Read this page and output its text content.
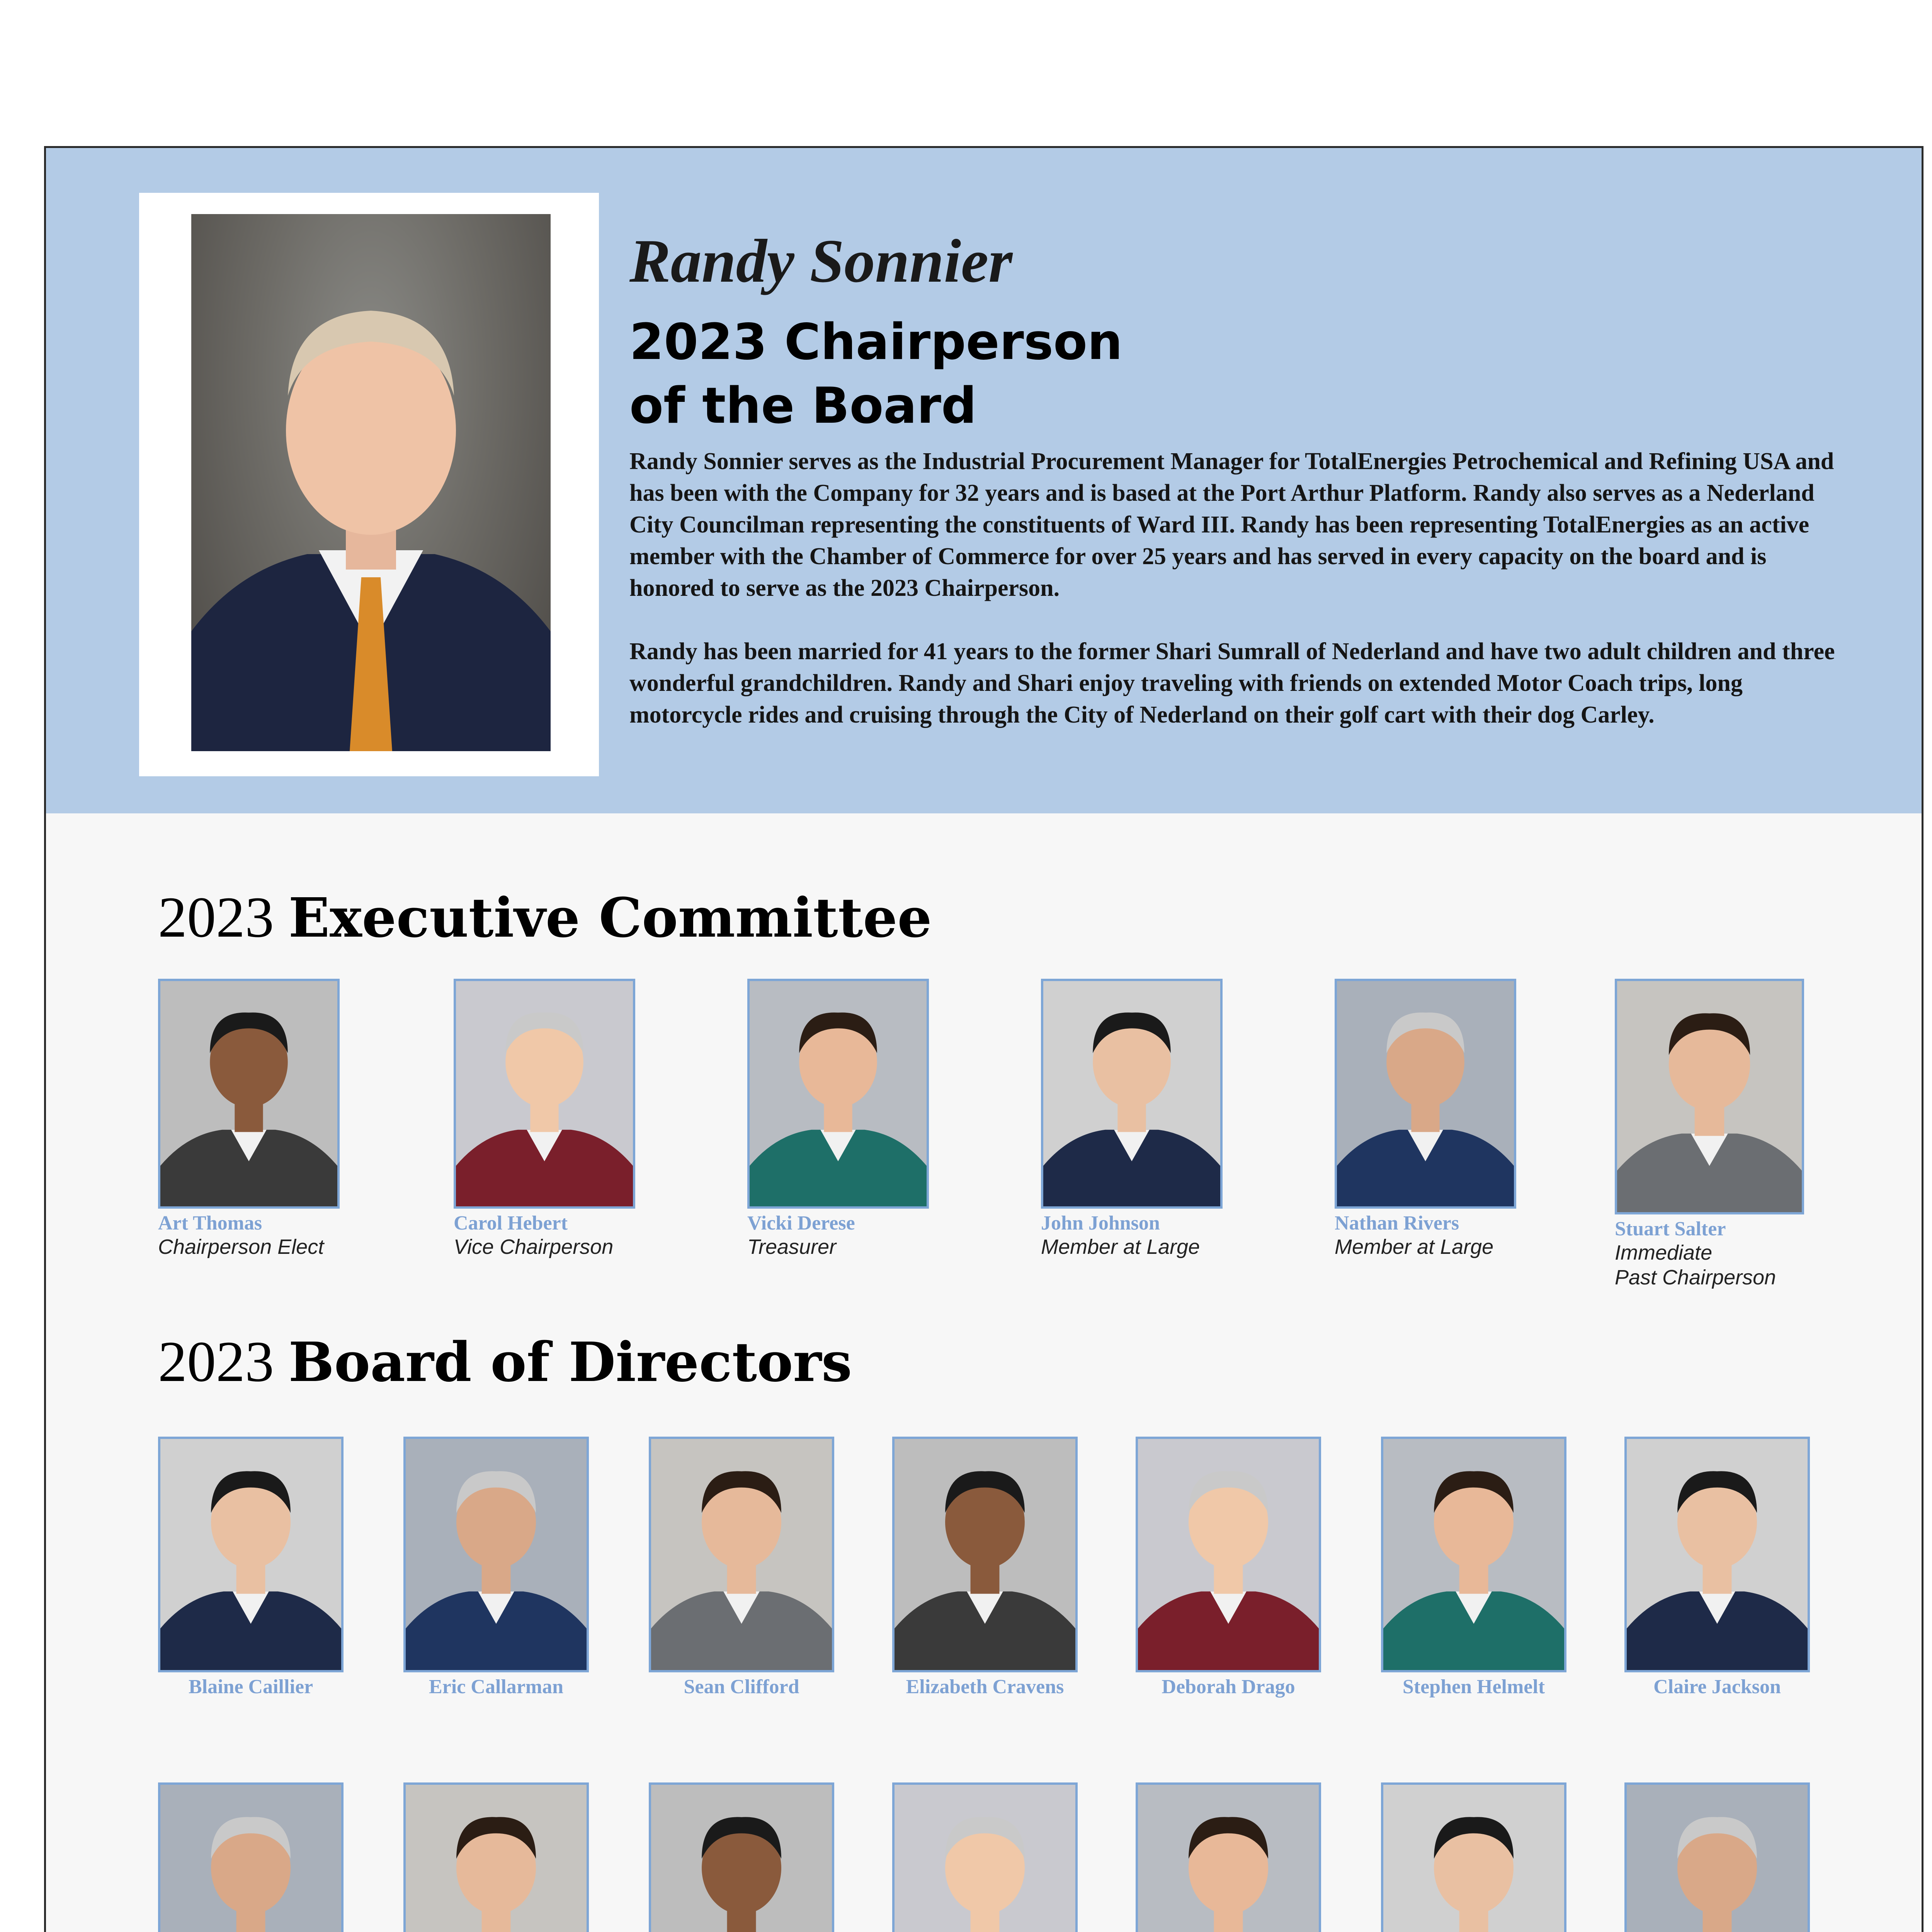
Randy Sonnier
2023 Chairperson
of the Board

Randy Sonnier serves as the Industrial Procurement Manager for TotalEnergies Petrochemical and Refining USA and has been with the Company for 32 years and is based at the Port Arthur Platform. Randy also serves as a Nederland City Councilman representing the constituents of Ward III. Randy has been representing TotalEnergies as an active member with the Chamber of Commerce for over 25 years and has served in every capacity on the board and is honored to serve as the 2023 Chairperson.

Randy has been married for 41 years to the former Shari Sumrall of Nederland and have two adult children and three wonderful grandchildren. Randy and Shari enjoy traveling with friends on extended Motor Coach trips, long motorcycle rides and cruising through the City of Nederland on their golf cart with their dog Carley.

2023 Executive Committee
Art Thomas
Chairperson Elect
Carol Hebert
Vice Chairperson
Vicki Derese
Treasurer
John Johnson
Member at Large
Nathan Rivers
Member at Large
Stuart Salter
Immediate
Past Chairperson
2023 Board of Directors
Blaine Caillier	Eric Callarman	Sean Clifford	Elizabeth Cravens	Deborah Drago	Stephen Helmelt	Claire Jackson
